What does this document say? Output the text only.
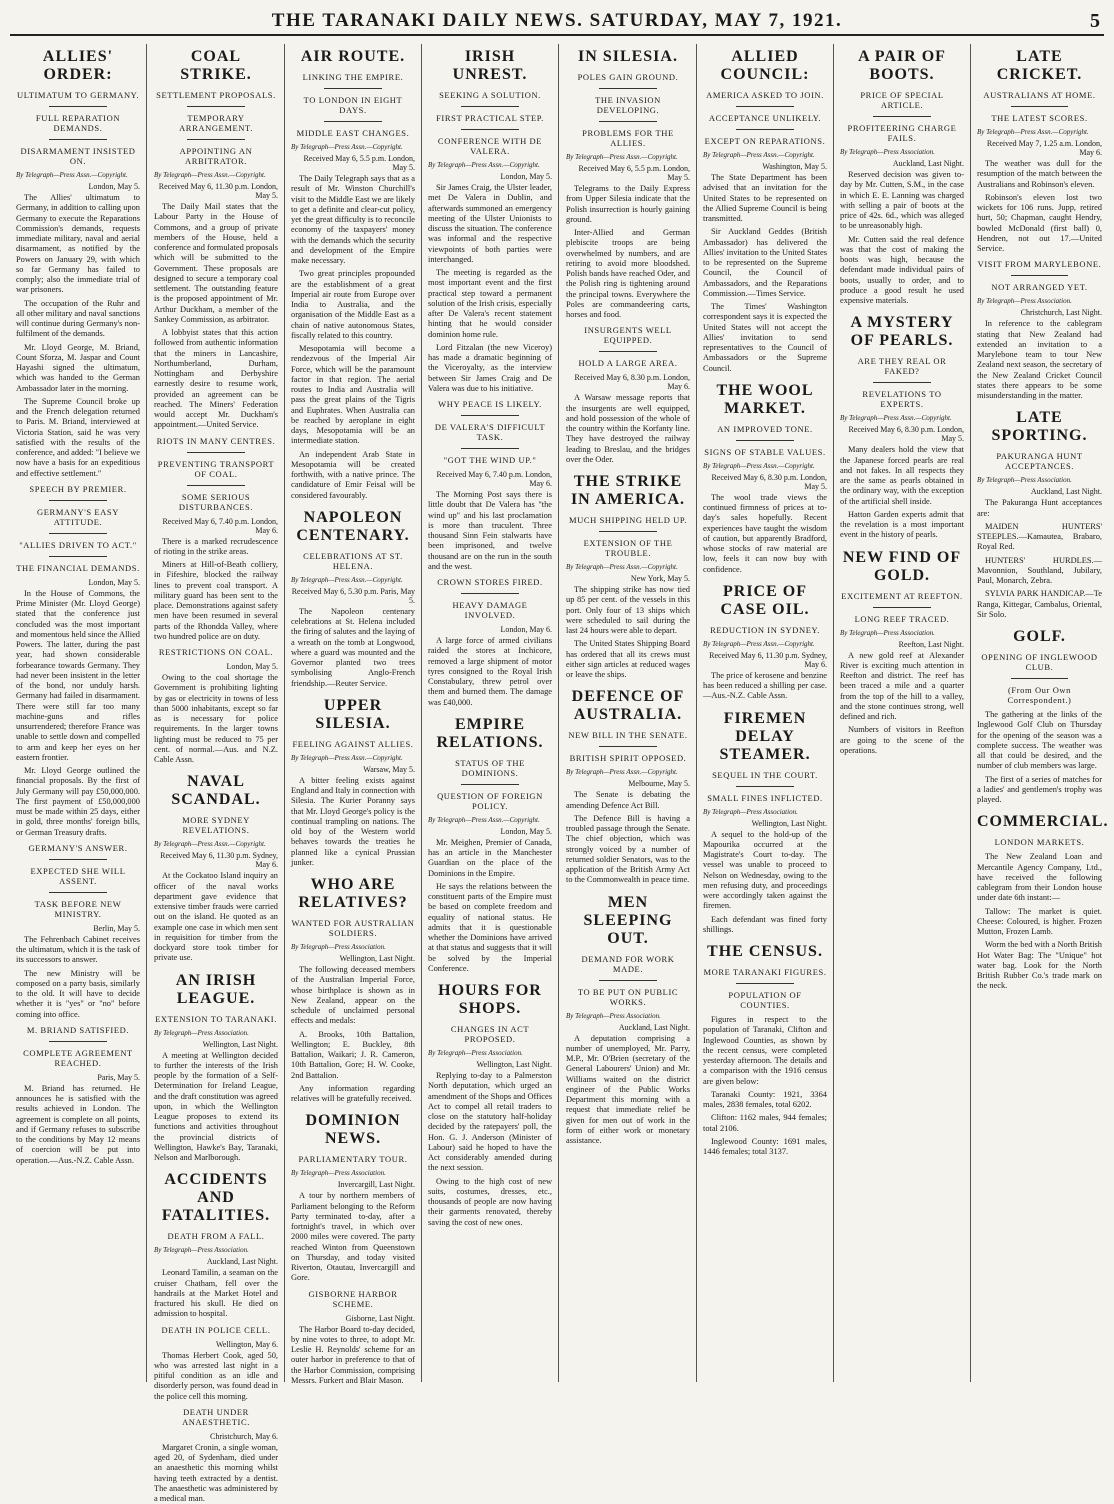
THE TARANAKI DAILY NEWS. SATURDAY, MAY 7, 1921.	5
ALLIES' ORDER:
ULTIMATUM TO GERMANY.
FULL REPARATION DEMANDS.
DISARMAMENT INSISTED ON.
By Telegraph—Press Assn.—Copyright.
London, May 5.

The Allies' ultimatum to Germany, in addition to calling upon Germany to execute the Reparations Commission's demands, requests immediate military, naval and aerial disarmament, as notified by the Powers on January 29, with which so far Germany has failed to comply; also the immediate trial of war prisoners.

The occupation of the Ruhr and all other military and naval sanctions will continue during Germany's non-fulfilment of the demands.

Mr. Lloyd George, M. Briand, Count Sforza, M. Jaspar and Count Hayashi signed the ultimatum, which was handed to the German Ambassador later in the morning.

The Supreme Council broke up and the French delegation returned to Paris. M. Briand, interviewed at Victoria Station, said he was very satisfied with the results of the conference, and added: "I believe we now have a basis for an expeditious and effective settlement."

SPEECH BY PREMIER.
GERMANY'S EASY ATTITUDE.
"ALLIES DRIVEN TO ACT."
THE FINANCIAL DEMANDS.
London, May 5.

In the House of Commons, the Prime Minister (Mr. Lloyd George) stated that the conference just concluded was the most important and momentous held since the Allied Powers. The latter, during the past year, had shown considerable forbearance towards Germany. They had never been insistent in the letter of the bond, nor unduly harsh. Germany had failed in disarmament. There were still far too many machine-guns and rifles unsurrendered; therefore France was unable to settle down and compelled to arm and keep her eyes on her eastern frontier.

Mr. Lloyd George outlined the financial proposals. By the first of July Germany will pay £50,000,000. The first payment of £50,000,000 must be made within 25 days, either in gold, three months' foreign bills, or German Treasury drafts.

GERMANY'S ANSWER.
EXPECTED SHE WILL ASSENT.
TASK BEFORE NEW MINISTRY.
Berlin, May 5.

The Fehrenbach Cabinet receives the ultimatum, which it is the task of its successors to answer.

The new Ministry will be composed on a party basis, similarly to the old. It will have to decide whether it is "yes" or "no" before coming into office.

M. BRIAND SATISFIED.
COMPLETE AGREEMENT REACHED.
Paris, May 5.

M. Briand has returned. He announces he is satisfied with the results achieved in London. The agreement is complete on all points, and if Germany refuses to subscribe to the conditions by May 12 means of coercion will be put into operation.—Aus.-N.Z. Cable Assn.

COAL STRIKE.
SETTLEMENT PROPOSALS.
TEMPORARY ARRANGEMENT.
APPOINTING AN ARBITRATOR.
By Telegraph—Press Assn.—Copyright.
Received May 6, 11.30 p.m. London, May 5.

The Daily Mail states that the Labour Party in the House of Commons, and a group of private members of the House, held a conference and formulated proposals which will be submitted to the Government. These proposals are designed to secure a temporary coal settlement. The outstanding feature is the proposed appointment of Mr. Arthur Duckham, a member of the Sankey Commission, as arbitrator.

A lobbyist states that this action followed from authentic information that the miners in Lancashire, Northumberland, Durham, Nottingham and Derbyshire earnestly desire to resume work, provided an agreement can be reached. The Miners' Federation would accept Mr. Duckham's appointment.—United Service.

RIOTS IN MANY CENTRES.
PREVENTING TRANSPORT OF COAL.
SOME SERIOUS DISTURBANCES.
Received May 6, 7.40 p.m. London, May 6.

There is a marked recrudescence of rioting in the strike areas.

Miners at Hill-of-Beath colliery, in Fifeshire, blocked the railway lines to prevent coal transport. A military guard has been sent to the place. Demonstrations against safety men have been resumed in several parts of the Rhondda Valley, where two hundred police are on duty.

RESTRICTIONS ON COAL.
London, May 5.

Owing to the coal shortage the Government is prohibiting lighting by gas or electricity in towns of less than 5000 inhabitants, except so far as is necessary for police requirements. In the larger towns lighting must be reduced to 75 per cent. of normal.—Aus. and N.Z. Cable Assn.

NAVAL SCANDAL.
MORE SYDNEY REVELATIONS.
By Telegraph—Press Assn.—Copyright.
Received May 6, 11.30 p.m. Sydney, May 6.

At the Cockatoo Island inquiry an officer of the naval works department gave evidence that extensive timber frauds were carried out on the island. He quoted as an example one case in which men sent in requisition for timber from the dockyard store took timber for private use.

AN IRISH LEAGUE.
EXTENSION TO TARANAKI.
By Telegraph—Press Association.
Wellington, Last Night.

A meeting at Wellington decided to further the interests of the Irish people by the formation of a Self-Determination for Ireland League, and the draft constitution was agreed upon, in which the Wellington League proposes to extend its functions and activities throughout the provincial districts of Wellington, Hawke's Bay, Taranaki, Nelson and Marlborough.

ACCIDENTS AND FATALITIES.
DEATH FROM A FALL.
By Telegraph—Press Association.
Auckland, Last Night.

Leonard Tamilin, a seaman on the cruiser Chatham, fell over the handrails at the Market Hotel and fractured his skull. He died on admission to hospital.

DEATH IN POLICE CELL.
Wellington, May 6.

Thomas Herbert Cook, aged 50, who was arrested last night in a pitiful condition as an idle and disorderly person, was found dead in the police cell this morning.

DEATH UNDER ANAESTHETIC.
Christchurch, May 6.

Margaret Cronin, a single woman, aged 20, of Sydenham, died under an anaesthetic this morning whilst having teeth extracted by a dentist. The anaesthetic was administered by a medical man.

AIR ROUTE.
LINKING THE EMPIRE.
TO LONDON IN EIGHT DAYS.
MIDDLE EAST CHANGES.
By Telegraph—Press Assn.—Copyright.
Received May 6, 5.5 p.m. London, May 5.

The Daily Telegraph says that as a result of Mr. Winston Churchill's visit to the Middle East we are likely to get a definite and clear-cut policy, yet the great difficulty is to reconcile economy of the taxpayers' money with the demands which the security and development of the Empire make necessary.

Two great principles propounded are the establishment of a great Imperial air route from Europe over India to Australia, and the organisation of the Middle East as a chain of native autonomous States, fiscally related to this country.

Mesopotamia will become a rendezvous of the Imperial Air Force, which will be the paramount factor in that region. The aerial routes to India and Australia will pass the great plains of the Tigris and Euphrates. When Australia can be reached by aeroplane in eight days, Mesopotamia will be an intermediate station.

An independent Arab State in Mesopotamia will be created forthwith, with a native prince. The candidature of Emir Feisal will be considered favourably.

NAPOLEON CENTENARY.
CELEBRATIONS AT ST. HELENA.
By Telegraph—Press Assn.—Copyright.
Received May 6, 5.30 p.m. Paris, May 5.

The Napoleon centenary celebrations at St. Helena included the firing of salutes and the laying of a wreath on the tomb at Longwood, where a guard was mounted and the Governor planted two trees symbolising Anglo-French friendship.—Reuter Service.

UPPER SILESIA.
FEELING AGAINST ALLIES.
By Telegraph—Press Assn.—Copyright.
Warsaw, May 5.

A bitter feeling exists against England and Italy in connection with Silesia. The Kurier Poranny says that Mr. Lloyd George's policy is the continual trampling on nations. The old boy of the Western world behaves towards the treaties he planned like a cynical Prussian junker.

WHO ARE RELATIVES?
WANTED FOR AUSTRALIAN SOLDIERS.
By Telegraph—Press Association.
Wellington, Last Night.

The following deceased members of the Australian Imperial Force, whose birthplace is shown as in New Zealand, appear on the schedule of unclaimed personal effects and medals:

A. Brooks, 10th Battalion, Wellington; E. Buckley, 8th Battalion, Waikari; J. R. Cameron, 10th Battalion, Gore; H. W. Cooke, 2nd Battalion.

Any information regarding relatives will be gratefully received.

DOMINION NEWS.
PARLIAMENTARY TOUR.
By Telegraph—Press Association.
Invercargill, Last Night.

A tour by northern members of Parliament belonging to the Reform Party terminated to-day, after a fortnight's travel, in which over 2000 miles were covered. The party reached Winton from Queenstown on Thursday, and today visited Riverton, Otautau, Invercargill and Gore.

GISBORNE HARBOR SCHEME.
Gisborne, Last Night.

The Harbor Board to-day decided, by nine votes to three, to adopt Mr. Leslie H. Reynolds' scheme for an outer harbor in preference to that of the Harbor Commission, comprising Messrs. Furkert and Blair Mason.

IRISH UNREST.
SEEKING A SOLUTION.
FIRST PRACTICAL STEP.
CONFERENCE WITH DE VALERA.
By Telegraph—Press Assn.—Copyright.
London, May 5.

Sir James Craig, the Ulster leader, met De Valera in Dublin, and afterwards summoned an emergency meeting of the Ulster Unionists to discuss the situation. The conference was informal and the respective viewpoints of both parties were interchanged.

The meeting is regarded as the most important event and the first practical step toward a permanent solution of the Irish crisis, especially after De Valera's recent statement hinting that he would consider dominion home rule.

Lord Fitzalan (the new Viceroy) has made a dramatic beginning of the Viceroyalty, as the interview between Sir James Craig and De Valera was due to his initiative.

WHY PEACE IS LIKELY.
DE VALERA'S DIFFICULT TASK.
"GOT THE WIND UP."
Received May 6, 7.40 p.m. London, May 6.

The Morning Post says there is little doubt that De Valera has "the wind up" and his last proclamation is more than truculent. Three thousand Sinn Fein stalwarts have been imprisoned, and twelve thousand are on the run in the south and the west.

CROWN STORES FIRED.
HEAVY DAMAGE INVOLVED.
London, May 6.

A large force of armed civilians raided the stores at Inchicore, removed a large shipment of motor tyres consigned to the Royal Irish Constabulary, threw petrol over them and burned them. The damage was £40,000.

EMPIRE RELATIONS.
STATUS OF THE DOMINIONS.
QUESTION OF FOREIGN POLICY.
By Telegraph—Press Assn.—Copyright.
London, May 5.

Mr. Meighen, Premier of Canada, has an article in the Manchester Guardian on the place of the Dominions in the Empire.

He says the relations between the constituent parts of the Empire must be based on complete freedom and equality of national status. He admits that it is questionable whether the Dominions have arrived at that status and suggests that it will be solved by the Imperial Conference.

HOURS FOR SHOPS.
CHANGES IN ACT PROPOSED.
By Telegraph—Press Association.
Wellington, Last Night.

Replying to-day to a Palmerston North deputation, which urged an amendment of the Shops and Offices Act to compel all retail traders to close on the statutory half-holiday decided by the ratepayers' poll, the Hon. G. J. Anderson (Minister of Labour) said he hoped to have the Act considerably amended during the next session.

Owing to the high cost of new suits, costumes, dresses, etc., thousands of people are now having their garments renovated, thereby saving the cost of new ones.

IN SILESIA.
POLES GAIN GROUND.
THE INVASION DEVELOPING.
PROBLEMS FOR THE ALLIES.
By Telegraph—Press Assn.—Copyright.
Received May 6, 5.5 p.m. London, May 5.

Telegrams to the Daily Express from Upper Silesia indicate that the Polish insurrection is hourly gaining ground.

Inter-Allied and German plebiscite troops are being overwhelmed by numbers, and are retiring to avoid more bloodshed. Polish bands have reached Oder, and the Polish ring is tightening around the principal towns. Everywhere the Poles are commandeering carts, horses and food.

INSURGENTS WELL EQUIPPED.
HOLD A LARGE AREA.
Received May 6, 8.30 p.m. London, May 6.

A Warsaw message reports that the insurgents are well equipped, and hold possession of the whole of the country within the Korfanty line. They have destroyed the railway leading to Breslau, and the bridges over the Oder.

THE STRIKE IN AMERICA.
MUCH SHIPPING HELD UP.
EXTENSION OF THE TROUBLE.
By Telegraph—Press Assn.—Copyright.
New York, May 5.

The shipping strike has now tied up 85 per cent. of the vessels in this port. Only four of 13 ships which were scheduled to sail during the last 24 hours were able to depart.

The United States Shipping Board has ordered that all its crews must either sign articles at reduced wages or leave the ships.

DEFENCE OF AUSTRALIA.
NEW BILL IN THE SENATE.
BRITISH SPIRIT OPPOSED.
By Telegraph—Press Assn.—Copyright.
Melbourne, May 5.

The Senate is debating the amending Defence Act Bill.

The Defence Bill is having a troubled passage through the Senate. The chief objection, which was strongly voiced by a number of returned soldier Senators, was to the application of the British Army Act to the Commonwealth in peace time.

MEN SLEEPING OUT.
DEMAND FOR WORK MADE.
TO BE PUT ON PUBLIC WORKS.
By Telegraph—Press Association.
Auckland, Last Night.

A deputation comprising a number of unemployed, Mr. Parry, M.P., Mr. O'Brien (secretary of the General Labourers' Union) and Mr. Williams waited on the district engineer of the Public Works Department this morning with a request that immediate relief be given for men out of work in the form of either work or monetary assistance.

ALLIED COUNCIL:
AMERICA ASKED TO JOIN.
ACCEPTANCE UNLIKELY.
EXCEPT ON REPARATIONS.
By Telegraph—Press Assn.—Copyright.
Washington, May 5.

The State Department has been advised that an invitation for the United States to be represented on the Allied Supreme Council is being transmitted.

Sir Auckland Geddes (British Ambassador) has delivered the Allies' invitation to the United States to be represented on the Supreme Council, the Council of Ambassadors, and the Reparations Commission.—Times Service.

The Times' Washington correspondent says it is expected the United States will not accept the Allies' invitation to send representatives to the Council of Ambassadors or the Supreme Council.

THE WOOL MARKET.
AN IMPROVED TONE.
SIGNS OF STABLE VALUES.
By Telegraph—Press Assn.—Copyright.
Received May 6, 8.30 p.m. London, May 5.

The wool trade views the continued firmness of prices at to-day's sales hopefully. Recent experiences have taught the wisdom of caution, but apparently Bradford, whose stocks of raw material are low, feels it can now buy with confidence.

PRICE OF CASE OIL.
REDUCTION IN SYDNEY.
By Telegraph—Press Assn.—Copyright.
Received May 6, 11.30 p.m. Sydney, May 6.

The price of kerosene and benzine has been reduced a shilling per case.—Aus.-N.Z. Cable Assn.

FIREMEN DELAY STEAMER.
SEQUEL IN THE COURT.
SMALL FINES INFLICTED.
By Telegraph—Press Association.
Wellington, Last Night.

A sequel to the hold-up of the Mapourika occurred at the Magistrate's Court to-day. The vessel was unable to proceed to Nelson on Wednesday, owing to the men refusing duty, and proceedings were accordingly taken against the firemen.

Each defendant was fined forty shillings.

THE CENSUS.
MORE TARANAKI FIGURES.
POPULATION OF COUNTIES.

Figures in respect to the population of Taranaki, Clifton and Inglewood Counties, as shown by the recent census, were completed yesterday afternoon. The details and a comparison with the 1916 census are given below:

Taranaki County: 1921, 3364 males, 2838 females, total 6202.

Clifton: 1162 males, 944 females; total 2106.

Inglewood County: 1691 males, 1446 females; total 3137.

A PAIR OF BOOTS.
PRICE OF SPECIAL ARTICLE.
PROFITEERING CHARGE FAILS.
By Telegraph—Press Association.
Auckland, Last Night.

Reserved decision was given to-day by Mr. Cutten, S.M., in the case in which E. E. Lanning was charged with selling a pair of boots at the price of 42s. 6d., which was alleged to be unreasonably high.

Mr. Cutten said the real defence was that the cost of making the boots was high, because the defendant made individual pairs of boots, usually to order, and to produce a good result he used expensive materials.

A MYSTERY OF PEARLS.
ARE THEY REAL OR FAKED?
REVELATIONS TO EXPERTS.
By Telegraph—Press Assn.—Copyright.
Received May 6, 8.30 p.m. London, May 5.

Many dealers hold the view that the Japanese forced pearls are real and not fakes. In all respects they are the same as pearls obtained in the ordinary way, with the exception of the artificial shell inside.

Hatton Garden experts admit that the revelation is a most important event in the history of pearls.

NEW FIND OF GOLD.
EXCITEMENT AT REEFTON.
LONG REEF TRACED.
By Telegraph—Press Association.
Reefton, Last Night.

A new gold reef at Alexander River is exciting much attention in Reefton and district. The reef has been traced a mile and a quarter from the top of the hill to a valley, and the stone continues strong, well defined and rich.

Numbers of visitors in Reefton are going to the scene of the operations.

LATE CRICKET.
AUSTRALIANS AT HOME.
THE LATEST SCORES.
By Telegraph—Press Assn.—Copyright.
Received May 7, 1.25 a.m. London, May 6.

The weather was dull for the resumption of the match between the Australians and Robinson's eleven.

Robinson's eleven lost two wickets for 106 runs. Jupp, retired hurt, 50; Chapman, caught Hendry, bowled McDonald (first ball) 0, Hendren, not out 17.—United Service.

VISIT FROM MARYLEBONE.
NOT ARRANGED YET.
By Telegraph—Press Association.
Christchurch, Last Night.

In reference to the cablegram stating that New Zealand had extended an invitation to a Marylebone team to tour New Zealand next season, the secretary of the New Zealand Cricket Council states there appears to be some misunderstanding in the matter.

LATE SPORTING.
PAKURANGA HUNT ACCEPTANCES.
By Telegraph—Press Association.
Auckland, Last Night.

The Pakuranga Hunt acceptances are:

MAIDEN HUNTERS' STEEPLES.—Kamautea, Brabaro, Royal Red.

HUNTERS' HURDLES.—Mavonnion, Southland, Jubilary, Paul, Monarch, Zebra.

SYLVIA PARK HANDICAP.—Te Ranga, Kittegar, Cambalus, Oriental, Sir Solo.

GOLF.
OPENING OF INGLEWOOD CLUB.
(From Our Own Correspondent.)

The gathering at the links of the Inglewood Golf Club on Thursday for the opening of the season was a complete success. The weather was all that could be desired, and the number of club members was large.

The first of a series of matches for a ladies' and gentlemen's trophy was played.

COMMERCIAL.
LONDON MARKETS.

The New Zealand Loan and Mercantile Agency Company, Ltd., have received the following cablegram from their London house under date 6th instant:—

Tallow: The market is quiet. Cheese: Coloured, is higher. Frozen Mutton, Frozen Lamb.

Worm the bed with a North British Hot Water Bag: The "Unique" hot water bag. Look for the North British Rubber Co.'s trade mark on the neck.
